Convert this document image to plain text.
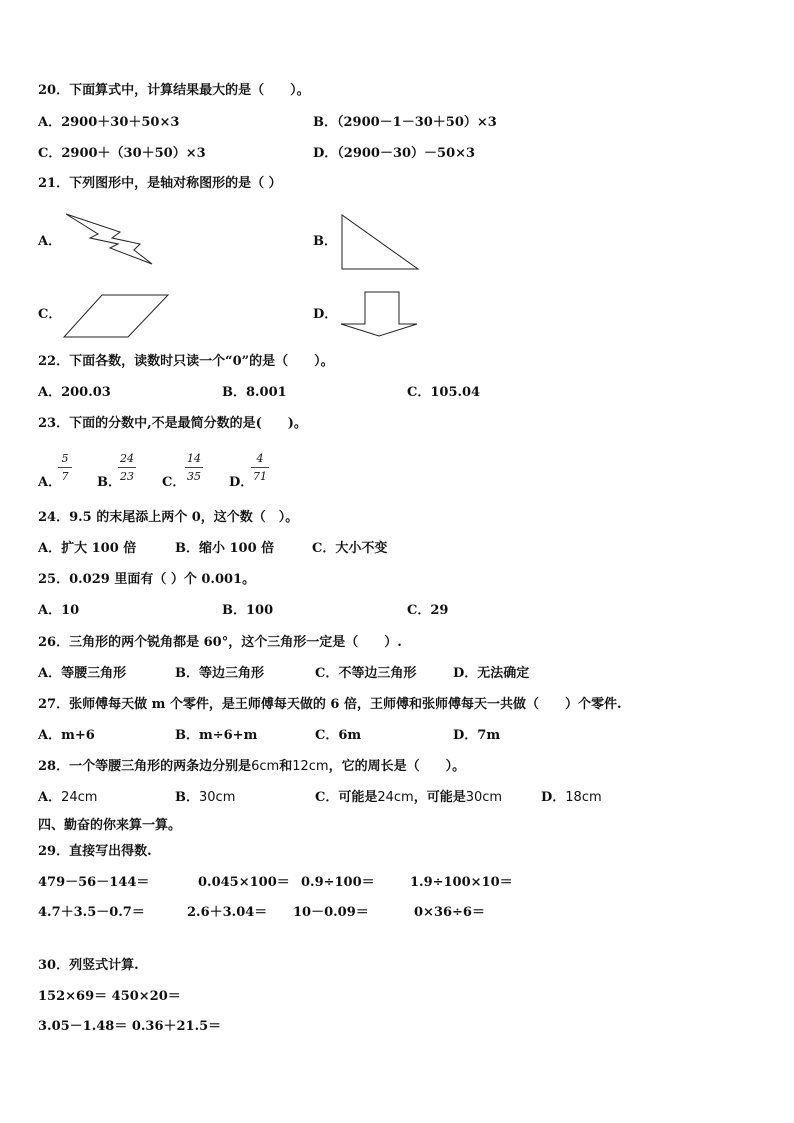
20．下面算式中，计算结果最大的是（　　）。
A．2900＋30＋50×3	B．（2900－1－30＋50）×3
C．2900＋（30＋50）×3	D．（2900－30）－50×3
21．下列图形中，是轴对称图形的是（ ）
A．	B．
C．	D．
22．下面各数，读数时只读一个“0”的是（　　）。
A．200.03	B．8.001	C．105.04
23．下面的分数中,不是最简分数的是(　　)。
A．
5
7 B．
24
23 C．
14
35 D．
4
71
24．9.5 的末尾添上两个 0，这个数（　）。
A．扩大 100 倍	B．缩小 100 倍	C．大小不变
25．0.029 里面有（ ）个 0.001。
A．10	B．100	C．29
26．三角形的两个锐角都是 60°，这个三角形一定是（　　）.
A．等腰三角形	B．等边三角形	C．不等边三角形	D．无法确定
27．张师傅每天做 m 个零件，是王师傅每天做的 6 倍，王师傅和张师傅每天一共做（　　）个零件.
A．m+6	B．m÷6+m	C．6m	D．7m
28．一个等腰三角形的两条边分别是6cm和12cm，它的周长是（　　）。
A．24cm	B．30cm	C．可能是24cm，可能是30cm	D．18cm
四、勤奋的你来算一算。
29．直接写出得数.
479－56－144＝	0.045×100＝ 0.9÷100＝	1.9÷100×10＝
4.7＋3.5－0.7＝	2.6＋3.04＝ 10－0.09＝	0×36÷6＝
30．列竖式计算.
152×69＝ 450×20＝
3.05－1.48＝ 0.36＋21.5＝
